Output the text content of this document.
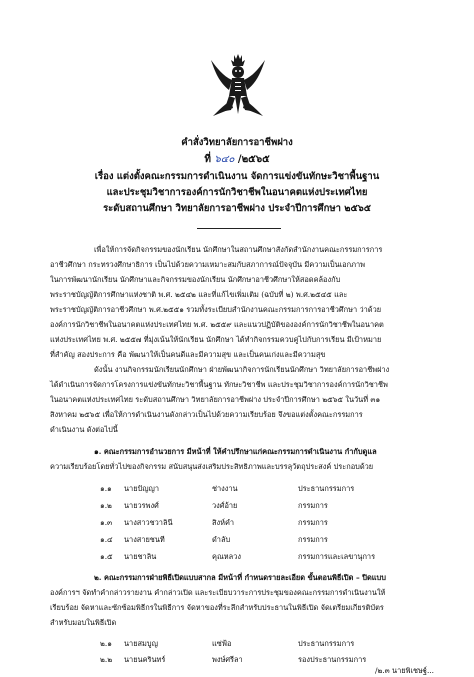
คำสั่งวิทยาลัยการอาชีพฝาง
ที่ ๖๔๐ /๒๕๖๕
เรื่อง แต่งตั้งคณะกรรมการดำเนินงาน จัดการแข่งขันทักษะวิชาพื้นฐาน
และประชุมวิชาการองค์การนักวิชาชีพในอนาคตแห่งประเทศไทย
ระดับสถานศึกษา วิทยาลัยการอาชีพฝาง ประจำปีการศึกษา ๒๕๖๕
เพื่อให้การจัดกิจกรรมของนักเรียน นักศึกษาในสถานศึกษาสังกัดสำนักงานคณะกรรมการการ
อาชีวศึกษา กระทรวงศึกษาธิการ เป็นไปด้วยความเหมาะสมกับสภาการณ์ปัจจุบัน มีความเป็นเอกภาพ
ในการพัฒนานักเรียน นักศึกษาและกิจกรรมของนักเรียน นักศึกษาอาชีวศึกษาให้สอดคล้องกับ
พระราชบัญญัติการศึกษาแห่งชาติ พ.ศ. ๒๕๔๒ และที่แก้ไขเพิ่มเติม (ฉบับที่ ๒) พ.ศ.๒๕๔๕ และ
พระราชบัญญัติการอาชีวศึกษา พ.ศ.๒๕๕๑ รวมทั้งระเบียบสำนักงานคณะกรรมการการอาชีวศึกษา ว่าด้วย
องค์การนักวิชาชีพในอนาคตแห่งประเทศไทย พ.ศ. ๒๕๕๙ และแนวปฏิบัติขององค์การนักวิชาชีพในอนาคต
แห่งประเทศไทย พ.ศ. ๒๕๕๗ ที่มุ่งเน้นให้นักเรียน นักศึกษา ได้ทำกิจกรรมควบคู่ไปกับการเรียน มีเป้าหมาย
ที่สำคัญ สองประการ คือ พัฒนาให้เป็นคนดีและมีความสุข และเป็นคนเก่งและมีความสุข
ดังนั้น งานกิจกรรมนักเรียนนักศึกษา ฝ่ายพัฒนากิจการนักเรียนนักศึกษา วิทยาลัยการอาชีพฝาง
ได้ดำเนินการจัดการโครงการแข่งขันทักษะวิชาพื้นฐาน ทักษะวิชาชีพ และประชุมวิชาการองค์การนักวิชาชีพ
ในอนาคตแห่งประเทศไทย ระดับสถานศึกษา วิทยาลัยการอาชีพฝาง ประจำปีการศึกษา ๒๕๖๕ ในวันที่ ๓๑
สิงหาคม ๒๕๖๕ เพื่อให้การดำเนินงานดังกล่าวเป็นไปด้วยความเรียบร้อย จึงขอแต่งตั้งคณะกรรมการ
ดำเนินงาน ดังต่อไปนี้
๑. คณะกรรมการอำนวยการ มีหน้าที่ ให้คำปรึกษาแก่คณะกรรมการดำเนินงาน กำกับดูแล
ความเรียบร้อยโดยทั่วไปของกิจกรรม สนับสนุนส่งเสริมประสิทธิภาพและบรรลุวัตถุประสงค์ ประกอบด้วย
๑.๑ นายปัญญา	ช่างงาน	ประธานกรรมการ
๑.๒ นายวรพงศ์	วงศ์อ้าย	กรรมการ
๑.๓ นางสาวชวาลินี	สิงห์คำ	กรรมการ
๑.๔ นางสายชนที	ดำลับ	กรรมการ
๑.๕ นายชาลิน	คุณหลวง	กรรมการและเลขานุการ
๒. คณะกรรมการฝ่ายพิธีเปิดแบบสากล มีหน้าที่ กำหนดรายละเอียด ขั้นตอนพิธีเปิด – ปิดแบบ
องค์การฯ จัดทำคำกล่าวรายงาน คำกล่าวเปิด และระเบียบวาระการประชุมของคณะกรรมการดำเนินงานให้
เรียบร้อย จัดหาและซักซ้อมพิธีกรในพิธีการ จัดหาของที่ระลึกสำหรับประธานในพิธีเปิด จัดเตรียมเกียรติบัตร
สำหรับมอบในพิธีเปิด
๒.๑ นายสมบูญ	แซ่ฟ้อ	ประธานกรรมการ
๒.๒ นายนครินทร์	พงษ์ศรีลา	รองประธานกรรมการ
/๒.๓ นายพิเชษฐ์...
